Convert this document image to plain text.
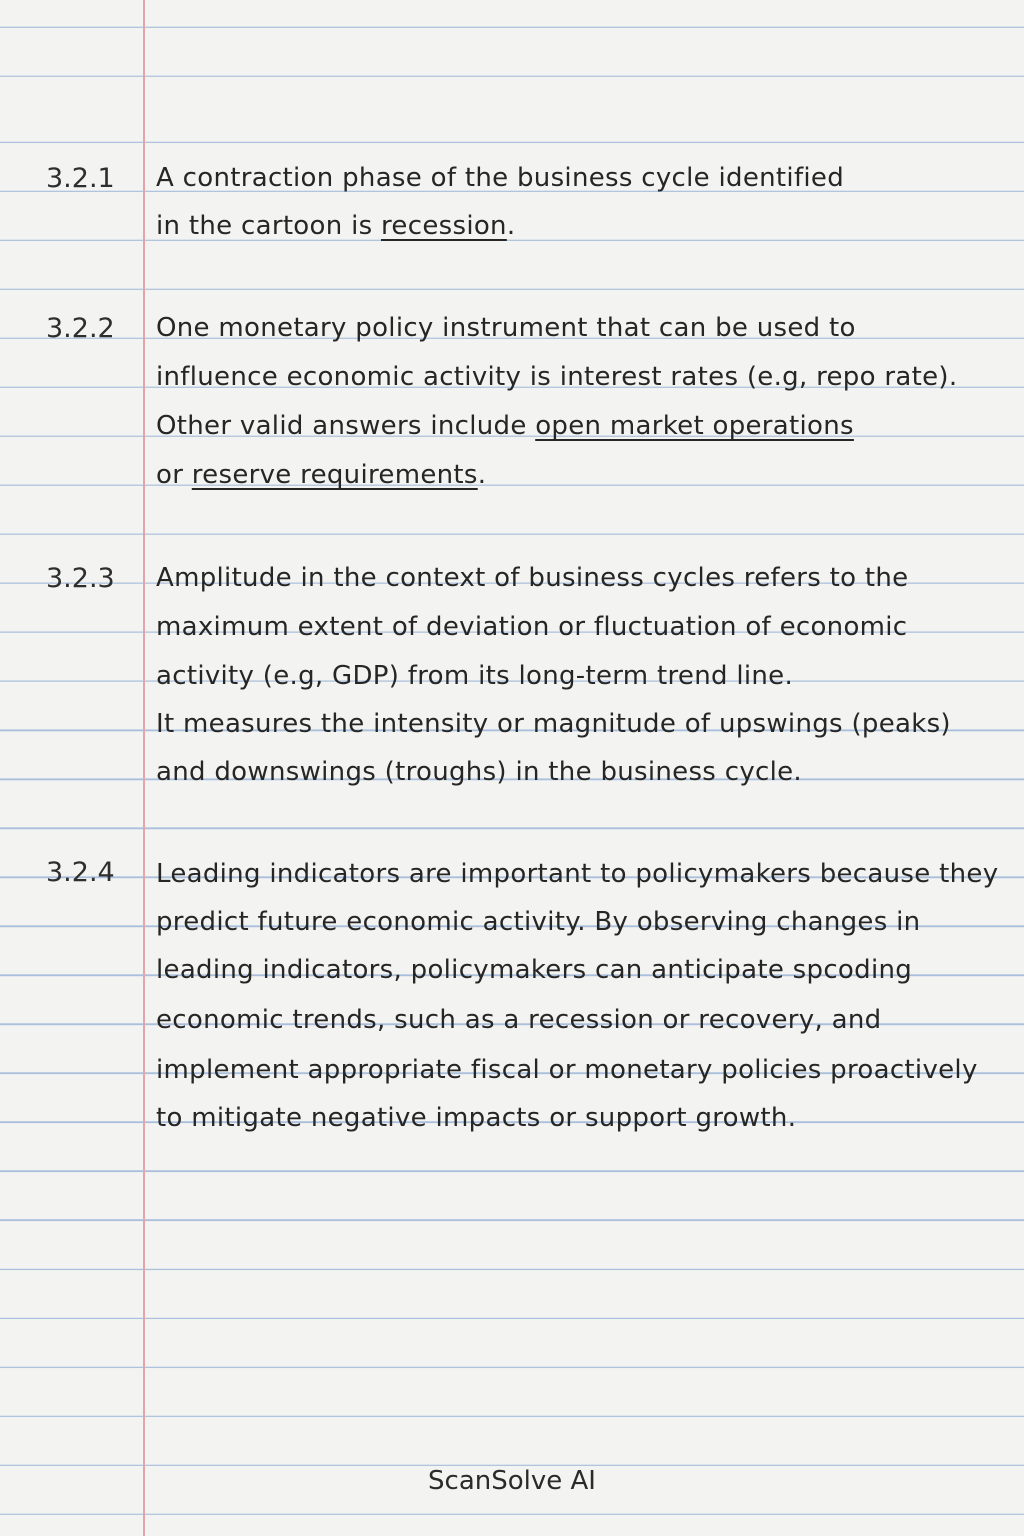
3.2.1 A contraction phase of the business cycle identified
in the cartoon is recession.
3.2.2 One monetary policy instrument that can be used to
influence economic activity is interest rates (e.g, repo rate).
Other valid answers include open market operations
or reserve requirements.
3.2.3 Amplitude in the context of business cycles refers to the
maximum extent of deviation or fluctuation of economic
activity (e.g, GDP) from its long-term trend line.
It measures the intensity or magnitude of upswings (peaks)
and downswings (troughs) in the business cycle.
3.2.4 Leading indicators are important to policymakers because they
predict future economic activity. By observing changes in
leading indicators, policymakers can anticipate spcoding
economic trends, such as a recession or recovery, and
implement appropriate fiscal or monetary policies proactively
to mitigate negative impacts or support growth.
ScanSolve AI
